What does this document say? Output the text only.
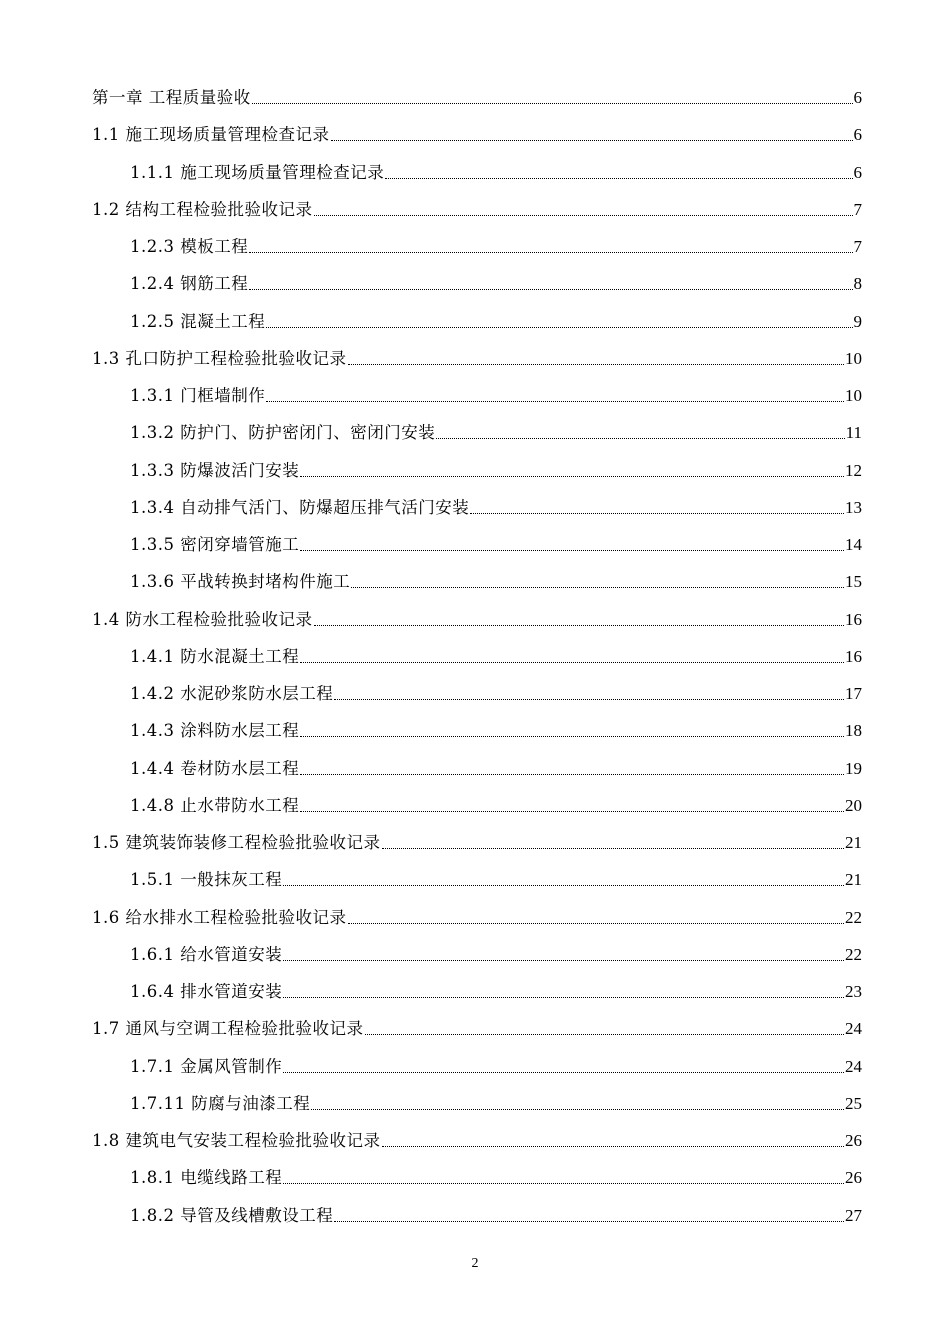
第一章 工程质量验收	6
1.1 施工现场质量管理检查记录	6
1.1.1 施工现场质量管理检查记录	6
1.2 结构工程检验批验收记录	7
1.2.3 模板工程	7
1.2.4 钢筋工程	8
1.2.5 混凝土工程	9
1.3 孔口防护工程检验批验收记录	10
1.3.1 门框墙制作	10
1.3.2 防护门、防护密闭门、密闭门安装	11
1.3.3 防爆波活门安装	12
1.3.4 自动排气活门、防爆超压排气活门安装	13
1.3.5 密闭穿墙管施工	14
1.3.6 平战转换封堵构件施工	15
1.4 防水工程检验批验收记录	16
1.4.1 防水混凝土工程	16
1.4.2 水泥砂浆防水层工程	17
1.4.3 涂料防水层工程	18
1.4.4 卷材防水层工程	19
1.4.8 止水带防水工程	20
1.5 建筑装饰装修工程检验批验收记录	21
1.5.1 一般抹灰工程	21
1.6 给水排水工程检验批验收记录	22
1.6.1 给水管道安装	22
1.6.4 排水管道安装	23
1.7 通风与空调工程检验批验收记录	24
1.7.1 金属风管制作	24
1.7.11 防腐与油漆工程	25
1.8 建筑电气安装工程检验批验收记录	26
1.8.1 电缆线路工程	26
1.8.2 导管及线槽敷设工程	27
2
